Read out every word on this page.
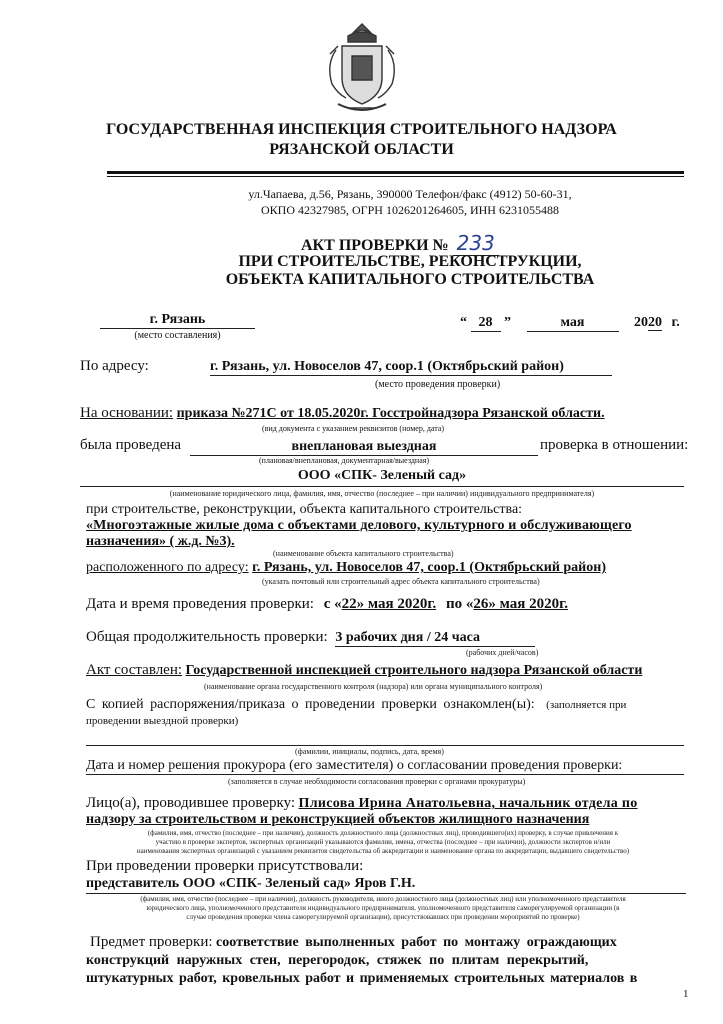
ГОСУДАРСТВЕННАЯ ИНСПЕКЦИЯ СТРОИТЕЛЬНОГО НАДЗОРА
РЯЗАНСКОЙ ОБЛАСТИ
ул.Чапаева, д.56, Рязань, 390000 Телефон/факс (4912) 50-60-31,
ОКПО 42327985, ОГРН 1026201264605, ИНН 6231055488
АКТ ПРОВЕРКИ № 233
ПРИ СТРОИТЕЛЬСТВЕ, РЕКОНСТРУКЦИИ,
ОБЪЕКТА КАПИТАЛЬНОГО СТРОИТЕЛЬСТВА
г. Рязань
(место составления)
“ 28 ”	мая	2020 г.
По адресу:	г. Рязань, ул. Новоселов 47, соор.1 (Октябрьский район)
(место проведения проверки)
На основании: приказа №271С от 18.05.2020г. Госстройнадзора Рязанской области.
(вид документа с указанием реквизитов (номер, дата)
была проведена	внеплановая выездная	проверка в отношении:
(плановая/внеплановая, документарная/выездная)
ООО «СПК- Зеленый сад»
(наименование юридического лица, фамилия, имя, отчество (последнее – при наличии) индивидуального предпринимателя)
при строительстве, реконструкции, объекта капитального строительства:
«Многоэтажные жилые дома с объектами делового, культурного и обслуживающего
назначения» ( ж.д. №3).
(наименование объекта капитального строительства)
расположенного по адресу: г. Рязань, ул. Новоселов 47, соор.1 (Октябрьский район)
(указать почтовый или строительный адрес объекта капитального строительства)
Дата и время проведения проверки: с «22» мая 2020г. по «26» мая 2020г.
Общая продолжительность проверки: 3 рабочих дня / 24 часа
(рабочих дней/часов)
Акт составлен: Государственной инспекцией строительного надзора Рязанской области
(наименование органа государственного контроля (надзора) или органа муниципального контроля)
С копией распоряжения/приказа о проведении проверки ознакомлен(ы): (заполняется при
проведении выездной проверки)
(фамилии, инициалы, подпись, дата, время)
Дата и номер решения прокурора (его заместителя) о согласовании проведения проверки:
(заполняется в случае необходимости согласования проверки с органами прокуратуры)
Лицо(а), проводившее проверку: Плисова Ирина Анатольевна, начальник отдела по
надзору за строительством и реконструкцией объектов жилищного назначения
(фамилия, имя, отчество (последнее – при наличии), должность должностного лица (должностных лиц), проводившего(их) проверку, в случае привлечения к
участию в проверке экспертов, экспертных организаций указываются фамилии, имена, отчества (последнее – при наличии), должности экспертов и/или
наименования экспертных организаций с указанием реквизитов свидетельства об аккредитации и наименование органа по аккредитации, выдавшего свидетельство)
При проведении проверки присутствовали:
представитель ООО «СПК- Зеленый сад» Яров Г.Н.
(фамилия, имя, отчество (последнее – при наличии), должность руководителя, иного должностного лица (должностных лиц) или уполномоченного представителя
юридического лица, уполномоченного представителя индивидуального предпринимателя, уполномоченного представителя саморегулируемой организации (в
случае проведения проверки члена саморегулируемой организации), присутствовавших при проведении мероприятий по проверке)
Предмет проверки: соответствие выполненных работ по монтажу ограждающих
конструкций наружных стен, перегородок, стяжек по плитам перекрытий,
штукатурных работ, кровельных работ и применяемых строительных материалов в
1
